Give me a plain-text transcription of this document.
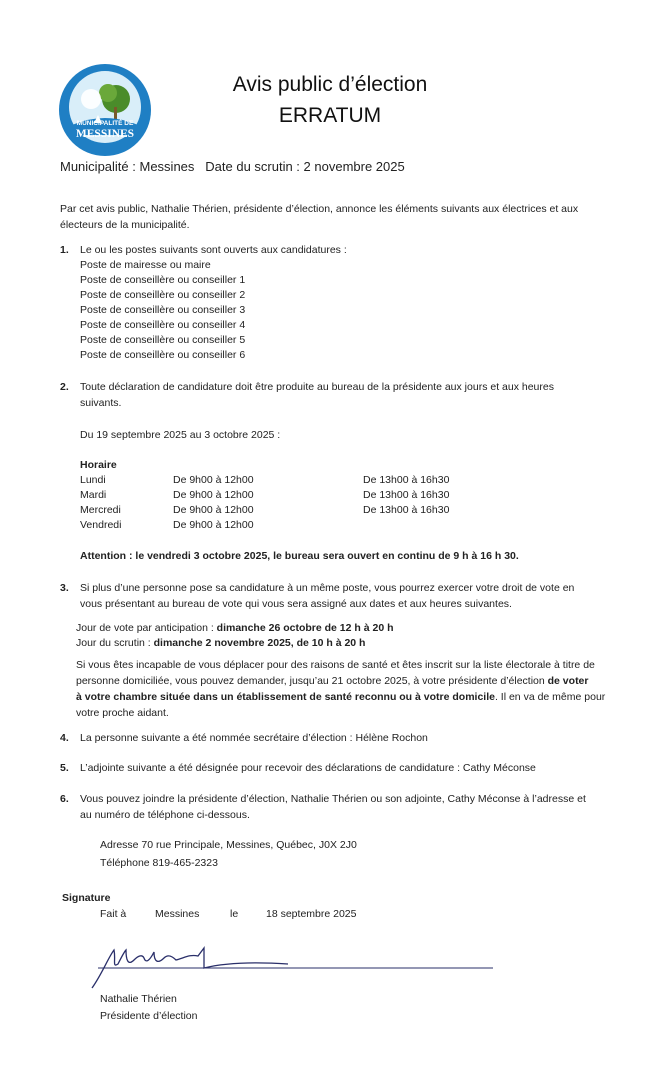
MUNICIPALITÉ DE
MESSINES
Avis public d’élection
ERRATUM
Municipalité : Messines Date du scrutin : 2 novembre 2025
Par cet avis public, Nathalie Thérien, présidente d’élection, annonce les éléments suivants aux électrices et aux
électeurs de la municipalité.
1. Le ou les postes suivants sont ouverts aux candidatures :
Poste de mairesse ou maire
Poste de conseillère ou conseiller 1
Poste de conseillère ou conseiller 2
Poste de conseillère ou conseiller 3
Poste de conseillère ou conseiller 4
Poste de conseillère ou conseiller 5
Poste de conseillère ou conseiller 6
2. Toute déclaration de candidature doit être produite au bureau de la présidente aux jours et aux heures
suivants.
Du 19 septembre 2025 au 3 octobre 2025 :
Horaire
Lundi	De 9h00 à 12h00	De 13h00 à 16h30
Mardi	De 9h00 à 12h00	De 13h00 à 16h30
Mercredi	De 9h00 à 12h00	De 13h00 à 16h30
Vendredi	De 9h00 à 12h00
Attention : le vendredi 3 octobre 2025, le bureau sera ouvert en continu de 9 h à 16 h 30.
3. Si plus d’une personne pose sa candidature à un même poste, vous pourrez exercer votre droit de vote en
vous présentant au bureau de vote qui vous sera assigné aux dates et aux heures suivantes.
Jour de vote par anticipation : dimanche 26 octobre de 12 h à 20 h
Jour du scrutin : dimanche 2 novembre 2025, de 10 h à 20 h
Si vous êtes incapable de vous déplacer pour des raisons de santé et êtes inscrit sur la liste électorale à titre de
personne domiciliée, vous pouvez demander, jusqu’au 21 octobre 2025, à votre présidente d’élection de voter
à votre chambre située dans un établissement de santé reconnu ou à votre domicile. Il en va de même pour
votre proche aidant.
4. La personne suivante a été nommée secrétaire d’élection : Hélène Rochon
5. L’adjointe suivante a été désignée pour recevoir des déclarations de candidature : Cathy Méconse
6. Vous pouvez joindre la présidente d’élection, Nathalie Thérien ou son adjointe, Cathy Méconse à l’adresse et
au numéro de téléphone ci-dessous.
Adresse 70 rue Principale, Messines, Québec, J0X 2J0
Téléphone 819-465-2323
Signature
Fait à	Messines	le	18 septembre 2025
Nathalie Thérien
Présidente d’élection
